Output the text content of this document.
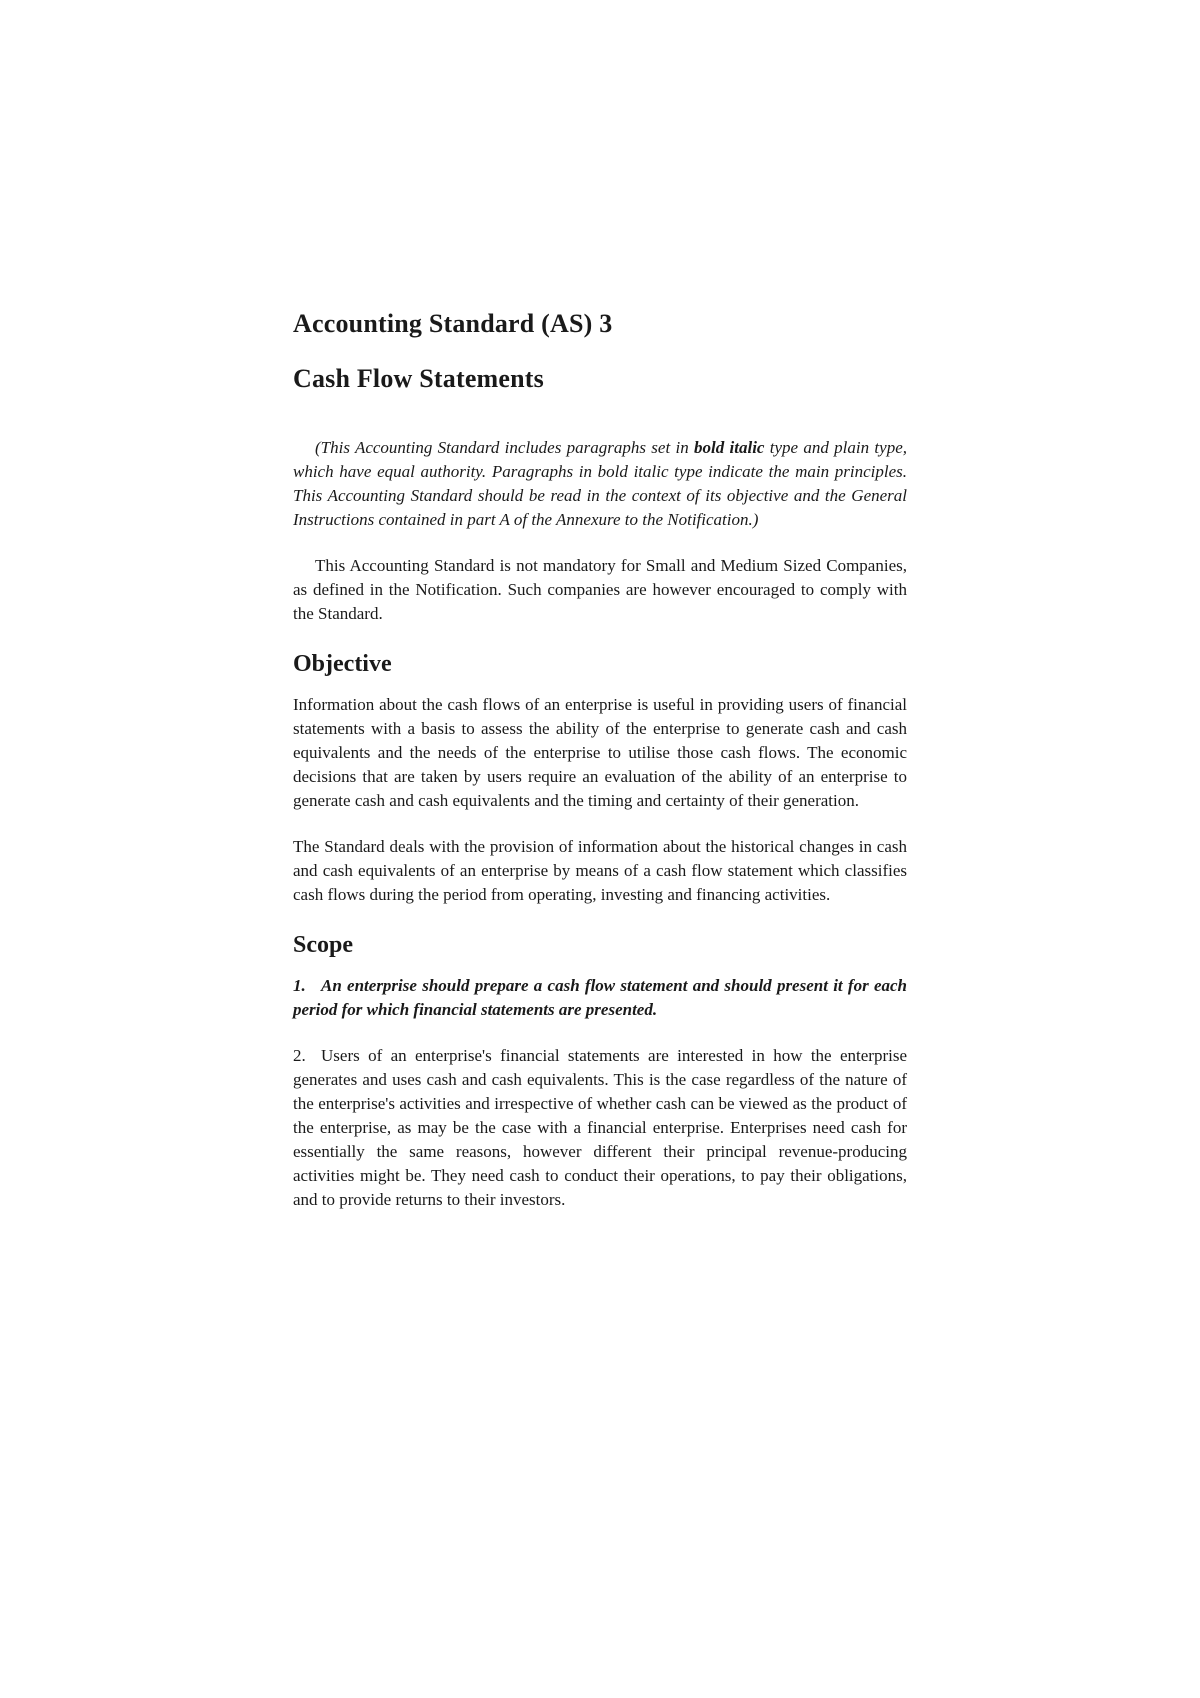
Accounting Standard (AS) 3
Cash Flow Statements

(This Accounting Standard includes paragraphs set in bold italic type and plain type, which have equal authority. Paragraphs in bold italic type indicate the main principles. This Accounting Standard should be read in the context of its objective and the General Instructions contained in part A of the Annexure to the Notification.)

This Accounting Standard is not mandatory for Small and Medium Sized Companies, as defined in the Notification. Such companies are however encouraged to comply with the Standard.

Objective

Information about the cash flows of an enterprise is useful in providing users of financial statements with a basis to assess the ability of the enterprise to generate cash and cash equivalents and the needs of the enterprise to utilise those cash flows. The economic decisions that are taken by users require an evaluation of the ability of an enterprise to generate cash and cash equivalents and the timing and certainty of their generation.

The Standard deals with the provision of information about the historical changes in cash and cash equivalents of an enterprise by means of a cash flow statement which classifies cash flows during the period from operating, investing and financing activities.

Scope

1. An enterprise should prepare a cash flow statement and should present it for each period for which financial statements are presented.

2. Users of an enterprise's financial statements are interested in how the enterprise generates and uses cash and cash equivalents. This is the case regardless of the nature of the enterprise's activities and irrespective of whether cash can be viewed as the product of the enterprise, as may be the case with a financial enterprise. Enterprises need cash for essentially the same reasons, however different their principal revenue-producing activities might be. They need cash to conduct their operations, to pay their obligations, and to provide returns to their investors.
